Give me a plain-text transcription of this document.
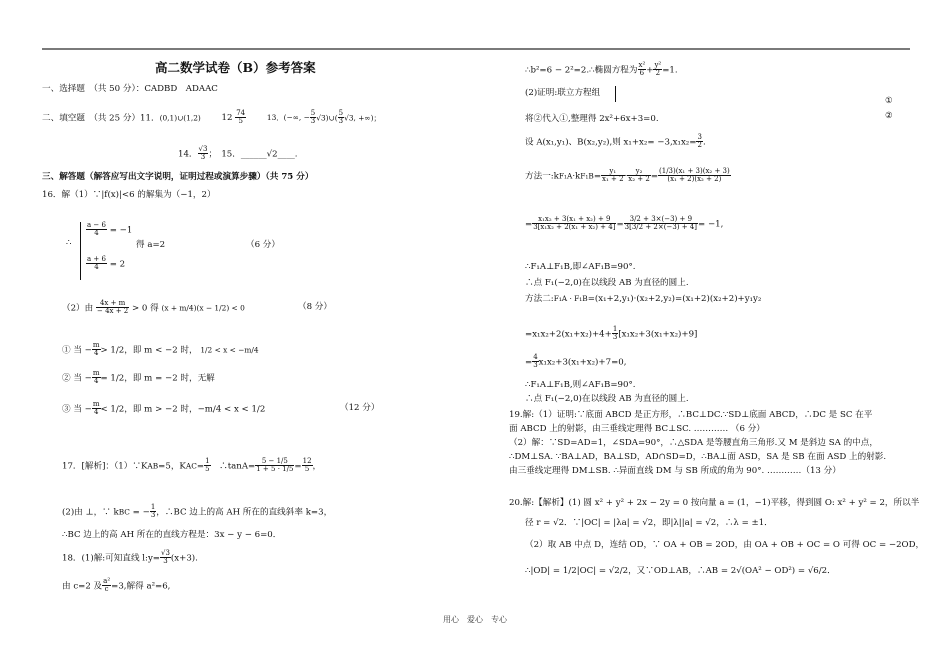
高二数学试卷（B）参考答案
一、选择题　（共 50 分）：CADBD　ADAAC
二、填空题　（共 25 分）11．(0,1)∪(1,2) $12 \frac{74}{5}$	13．(−∞, − $\frac{5}{3}$ √3)∪( $\frac{5}{3} √3$, +∞)；
14． $\frac{√3}{3}$ ；　15．______√2____.
三、解答题（解答应写出文字说明，证明过程或演算步骤）（共 75 分）
16．解（1）∵|f(x)|<6 的解集为（−1，2）
∴
$\frac{a - 6}{4} = -1$
$\frac{a + 6}{4} = 2$
得 a=2	（6 分）
（2）由 $\frac{4x + m}{- 4x + 2} > 0$ 得 (x + m/4)(x − 1/2) < 0	（8 分）
① 当 − $\frac{m}{4} > 1/2$，即 m < −2 时， 1/2 < x < −m/4
② 当 − $\frac{m}{4} = 1/2$，即 m = −2 时，无解
③ 当 − $\frac{m}{4} < 1/2$，即 m > −2 时，−m/4 < x < 1/2	（12 分）
17．[解析]：（1）∵KAB=5，$KAC= \frac{1}{5}$ 　∴tanA= $\frac{5 - 1/5}{1 + 5 \cdot 1/5} = \frac{12}{5}$ ，
(2)由 ⊥，∵ kBC = − $\frac{1}{3}$ ，∴BC 边上的高 AH 所在的直线斜率 k=3，
∴BC 边上的高 AH 所在的直线方程是：3x − y − 6=0．
18．(1)解:可知直线 l:y= $\frac{√3}{3} (x+3)$.
由 c=2 及 $\frac{\text{a²}}{c} =3$,解得 a²=6,
∴b²=6 − 2²=2.∴椭圆方程为 $\frac{\text{x²}}{6} + \frac{\text{y²}}{2} =1$.
(2)证明:联立方程组
①
②
将②代入①,整理得 2x²+6x+3=0.
设 A(x₁,y₁)、B(x₂,y₂),则 $x_1+x_2= -3,x_1x_2= \frac{3}{2}$ .
方法一:kF₁A·kF₁B= $\frac{\text{y₁}}{\text{x₁ + 2}} \cdot \frac{\text{y₂}}{\text{x₂ + 2}} = \frac{\text{(1/3)(x₁ + 3)(x₂ + 3)}}{\text{(x₁ + 2)(x₂ + 2)}}$
= $\frac{\text{x₁x₂ + 3(x₁ + x₂) + 9}}{\text{3[x₁x₂ + 2(x₁ + x₂) + 4]}} = \frac{3/2 + 3\times(-3) + 9}{3[3/2 + 2\times(-3) + 4]} = -1$,
∴F₁A⊥F₁B,即∠AF₁B=90°.
∴点 F₁(−2,0)在以线段 AB 为直径的圆上.
方法二:F₁A · F₁B=(x₁+2,y₁)·(x₂+2,y₂)=(x₁+2)(x₂+2)+y₁y₂
$=x_1x_2+2(x_1+x_2)+4+ \frac{1}{3} [x_1x_2+3(x_1+x_2)+9]$
= $\frac{4}{3} x_1x_2+3(x_1+x_2)+7=0$,
∴F₁A⊥F₁B,则∠AF₁B=90°.
∴点 F₁(−2,0)在以线段 AB 为直径的圆上.
19.解:（1）证明:∵底面 ABCD 是正方形，∴BC⊥DC.∵SD⊥底面 ABCD，∴DC 是 SC 在平
面 ABCD 上的射影，由三垂线定理得 BC⊥SC. ………… （6 分）
（2）解：∵SD=AD=1，∠SDA=90°，∴△SDA 是等腰直角三角形.又 M 是斜边 SA 的中点，
∴DM⊥SA. ∵BA⊥AD，BA⊥SD，AD∩SD=D，∴BA⊥面 ASD，SA 是 SB 在面 ASD 上的射影.
由三垂线定理得 DM⊥SB. ∴异面直线 DM 与 SB 所成的角为 90°. …………（13 分）
20.解:【解析】(1) 圆 x² + y² + 2x − 2y = 0 按向量 a = (1，−1)平移，得到圆 O: x² + y² = 2，所以半
径 r = √2．∵|OC| = |λa| = √2，即|λ||a| = √2，∴λ = ±1．
（2）取 AB 中点 D，连结 OD，∵ OA + OB = 2OD，由 OA + OB + OC = O 可得 OC = −2OD，
∴|OD| = 1/2|OC| = √2/2，又∵OD⊥AB，∴AB = 2√(OA² − OD²) = √6/2．
用心　爱心　专心
